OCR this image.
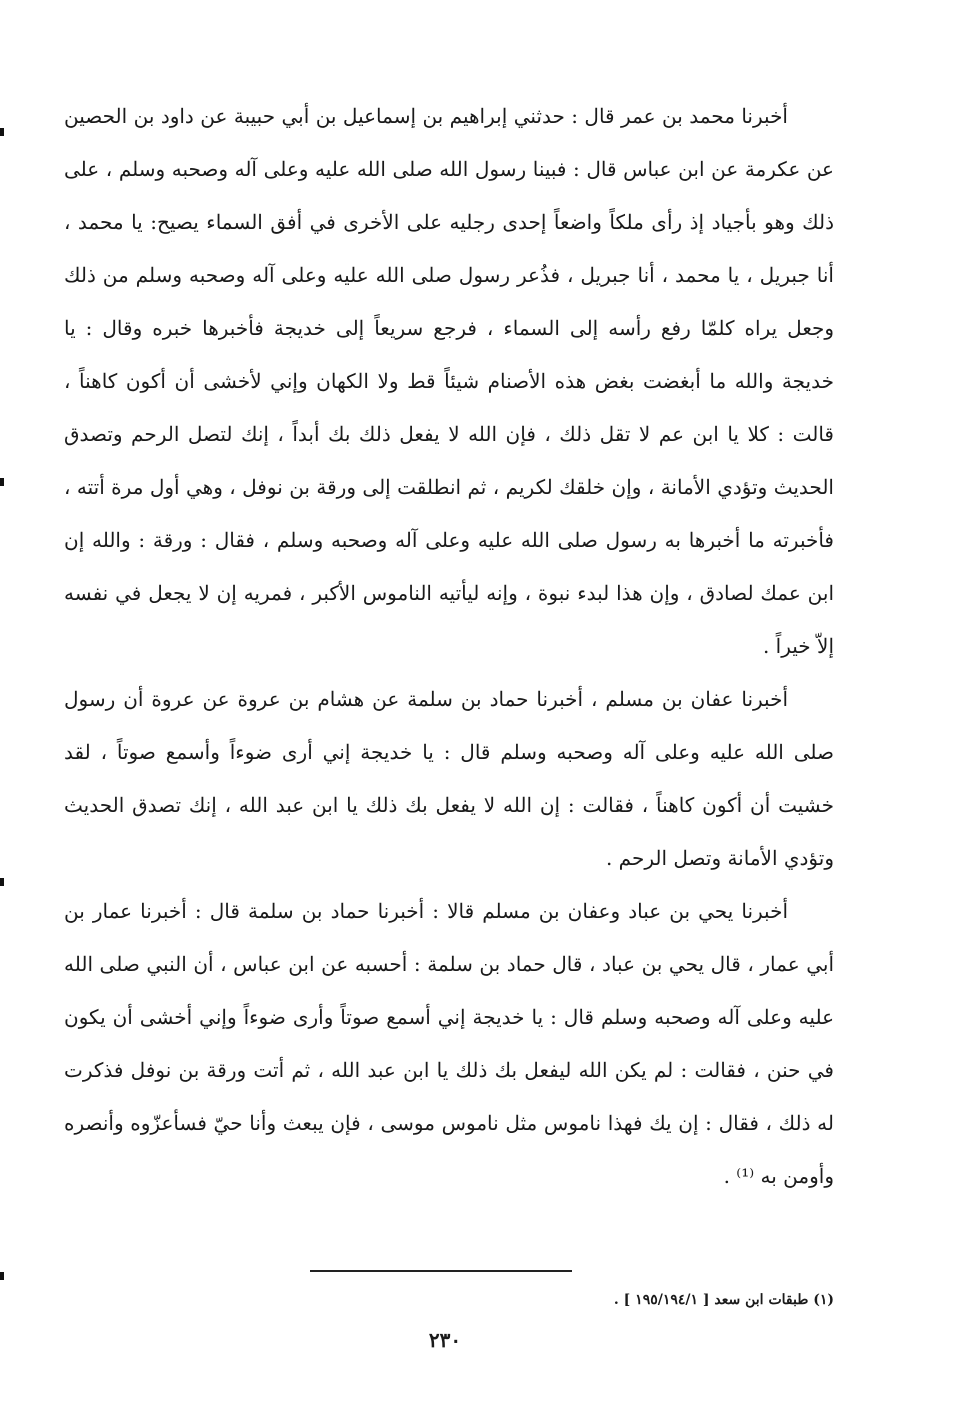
أخبرنا محمد بن عمر قال : حدثني إبراهيم بن إسماعيل بن أبي حبيبة عن داود بن الحصين عن عكرمة عن ابن عباس قال : فبينا رسول الله صلى الله عليه وعلى آله وصحبه وسلم ، على ذلك وهو بأجياد إذ رأى ملكاً واضعاً إحدى رجليه على الأخرى في أفق السماء يصيح: يا محمد ، أنا جبريل ، يا محمد ، أنا جبريل ، فذُعر رسول صلى الله عليه وعلى آله وصحبه وسلم من ذلك وجعل يراه كلمّا رفع رأسه إلى السماء ، فرجع سريعاً إلى خديجة فأخبرها خبره وقال : يا خديجة والله ما أبغضت بغض هذه الأصنام شيئاً قط ولا الكهان وإني لأخشى أن أكون كاهناً ، قالت : كلا يا ابن عم لا تقل ذلك ، فإن الله لا يفعل ذلك بك أبداً ، إنك لتصل الرحم وتصدق الحديث وتؤدي الأمانة ، وإن خلقك لكريم ، ثم انطلقت إلى ورقة بن نوفل ، وهي أول مرة أتته ، فأخبرته ما أخبرها به رسول صلى الله عليه وعلى آله وصحبه وسلم ، فقال : ورقة : والله إن ابن عمك لصادق ، وإن هذا لبدء نبوة ، وإنه ليأتيه الناموس الأكبر ، فمريه إن لا يجعل في نفسه إلاّ خيراً .

أخبرنا عفان بن مسلم ، أخبرنا حماد بن سلمة عن هشام بن عروة عن عروة أن رسول صلى الله عليه وعلى آله وصحبه وسلم قال : يا خديجة إني أرى ضوءاً وأسمع صوتاً ، لقد خشيت أن أكون كاهناً ، فقالت : إن الله لا يفعل بك ذلك يا ابن عبد الله ، إنك تصدق الحديث وتؤدي الأمانة وتصل الرحم .

أخبرنا يحي بن عباد وعفان بن مسلم قالا : أخبرنا حماد بن سلمة قال : أخبرنا عمار بن أبي عمار ، قال يحي بن عباد ، قال حماد بن سلمة : أحسبه عن ابن عباس ، أن النبي صلى الله عليه وعلى آله وصحبه وسلم قال : يا خديجة إني أسمع صوتاً وأرى ضوءاً وإني أخشى أن يكون في حنن ، فقالت : لم يكن الله ليفعل بك ذلك يا ابن عبد الله ، ثم أتت ورقة بن نوفل فذكرت له ذلك ، فقال : إن يك فهذا ناموس مثل ناموس موسى ، فإن يبعث وأنا حيّ فسأعزّوه وأنصره وأومن به ⁽¹⁾ .

(١) طبقات ابن سعد [ ١٩٥/١٩٤/١ ] .
٢٣٠
